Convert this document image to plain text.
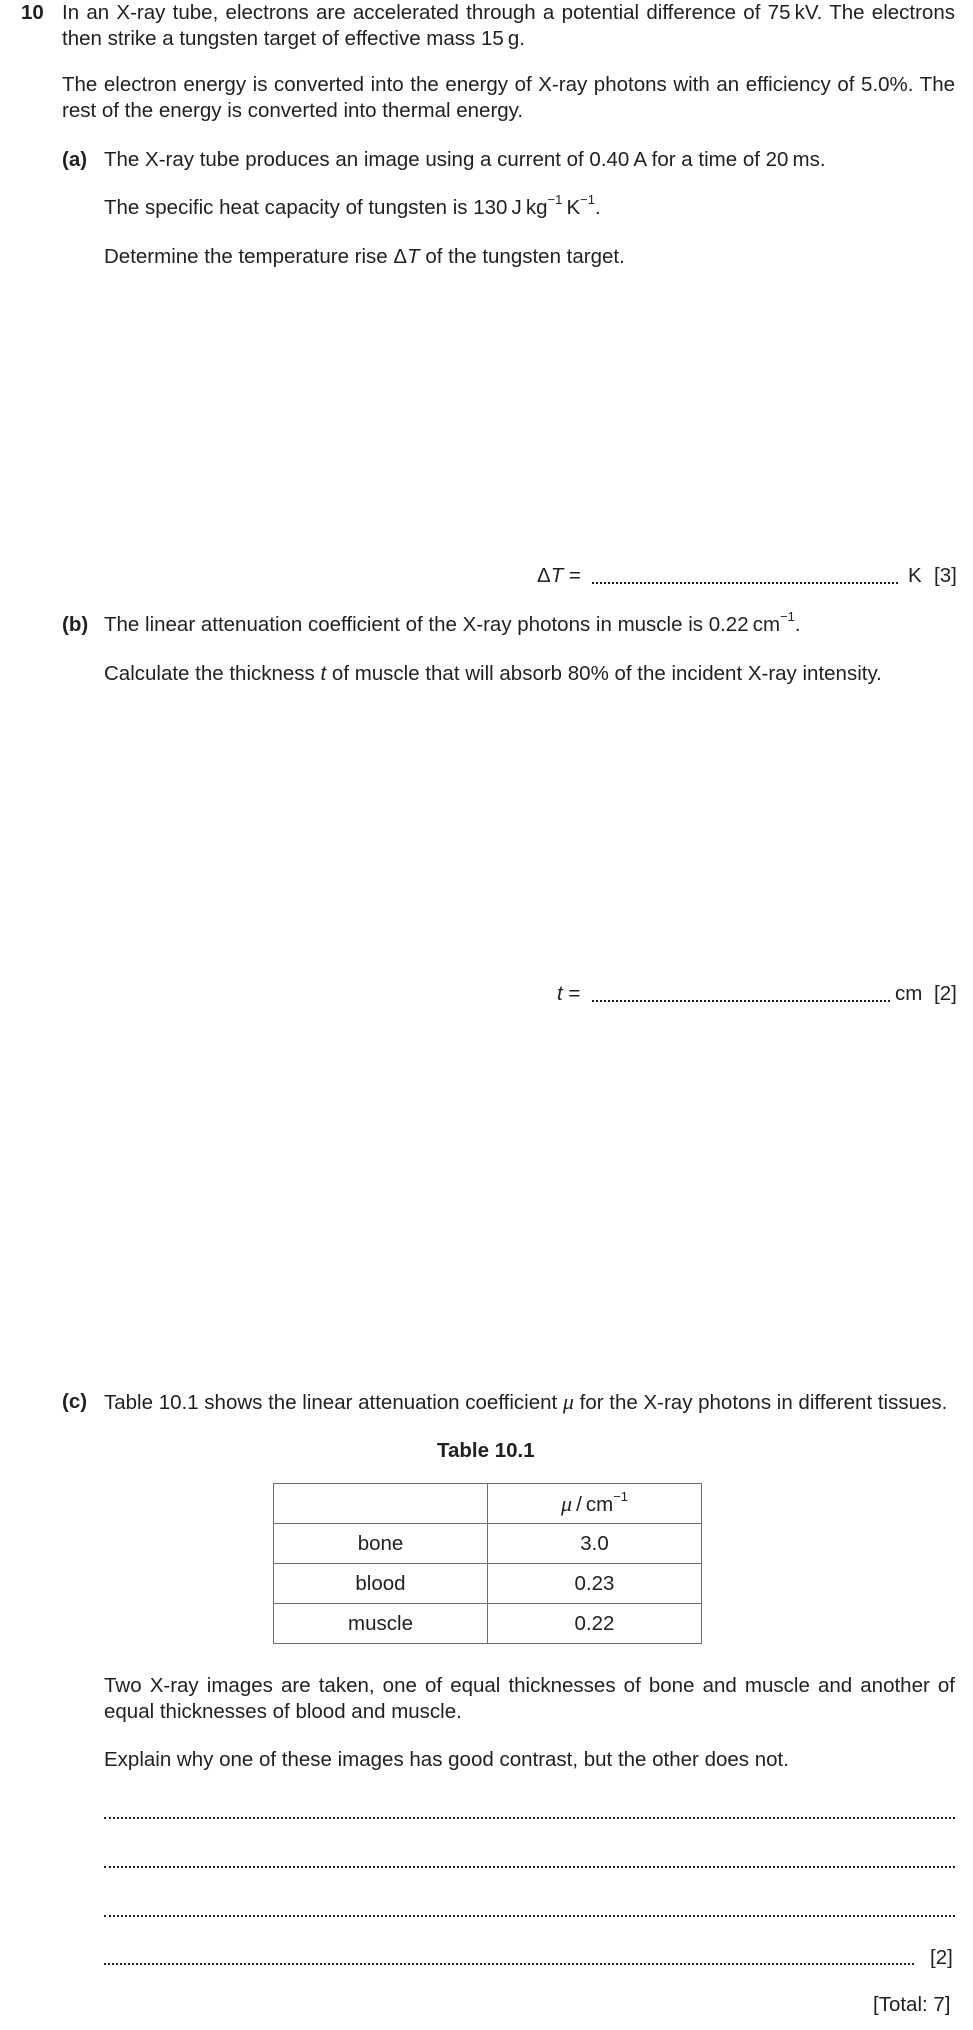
10 In an X-ray tube, electrons are accelerated through a potential difference of 75 kV. The electrons then strike a tungsten target of effective mass 15 g.
The electron energy is converted into the energy of X-ray photons with an efficiency of 5.0%. The rest of the energy is converted into thermal energy.
(a) The X-ray tube produces an image using a current of 0.40 A for a time of 20 ms.
The specific heat capacity of tungsten is 130 J $kg^{-1}$ $K^{-1}$.
Determine the temperature rise ΔT of the tungsten target.
ΔT =	K [3]
(b) The linear attenuation coefficient of the X-ray photons in muscle is 0.22 $cm^{-1}$.
Calculate the thickness t of muscle that will absorb 80% of the incident X-ray intensity.
t =	cm [2]
(c) Table 10.1 shows the linear attenuation coefficient μ for the X-ray photons in different tissues.
Table 10.1
	μ / $cm^{-1}$
bone	3.0
blood	0.23
muscle	0.22
Two X-ray images are taken, one of equal thicknesses of bone and muscle and another of equal thicknesses of blood and muscle.
Explain why one of these images has good contrast, but the other does not.
[2]
[Total: 7]
